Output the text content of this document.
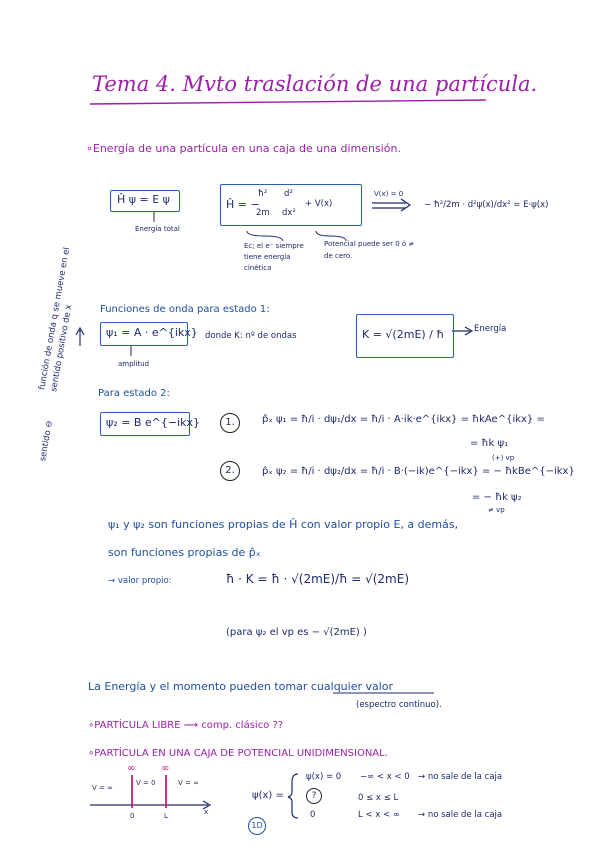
Tema 4. Mvto traslación de una partícula.
∘Energía de una partícula en una caja de una dimensión.
Ĥ ψ = E ψ
Energía total
Ĥ = −
ħ²
2m
d²
dx²
+ V(x)
Ec; el e⁻ siempre tiene energía cinética
Potencial puede ser 0 ó ≠ de cero.
V(x) = 0
− ħ²/2m · d²ψ(x)/dx² = E·ψ(x)
función de onda q se mueve en el sentido positivo de x	Funciones de onda para estado 1:
ψ₁ = A · e^{ikx}
amplitud
donde K: nº de ondas	K = √(2mE) / ħ	Energía
Para estado 2:
ψ₂ = B e^{−ikx}
sentido ⊖	1.	p̂ₓ ψ₁ = ħ/i · dψ₁/dx = ħ/i · A·ik·e^{ikx} = ħkAe^{ikx} =
= ħk ψ₁
(+) vp
2.	p̂ₓ ψ₂ = ħ/i · dψ₂/dx = ħ/i · B·(−ik)e^{−ikx} = − ħkBe^{−ikx}
= − ħk ψ₂
≠ vp
ψ₁ y ψ₂ son funciones propias de Ĥ con valor propio E, a demás,
son funciones propias de p̂ₓ
→ valor propio:	ħ · K = ħ · √(2mE)/ħ = √(2mE)
(para ψ₂ el vp es − √(2mE) )
La Energía y el momento pueden tomar cualquier valor
(espectro continuo).
∘PARTÍCULA LIBRE ⟿ comp. clásico ??
∘PARTÍCULA EN UNA CAJA DE POTENCIAL UNIDIMENSIONAL.
V = ∞
V = 0	V = ∞
∞	∞
x
0	L
ψ(x) =
ψ(x) = 0 −∞ < x < 0 → no sale de la caja
?	0 ≤ x ≤ L
0	L < x < ∞ → no sale de la caja
1D
